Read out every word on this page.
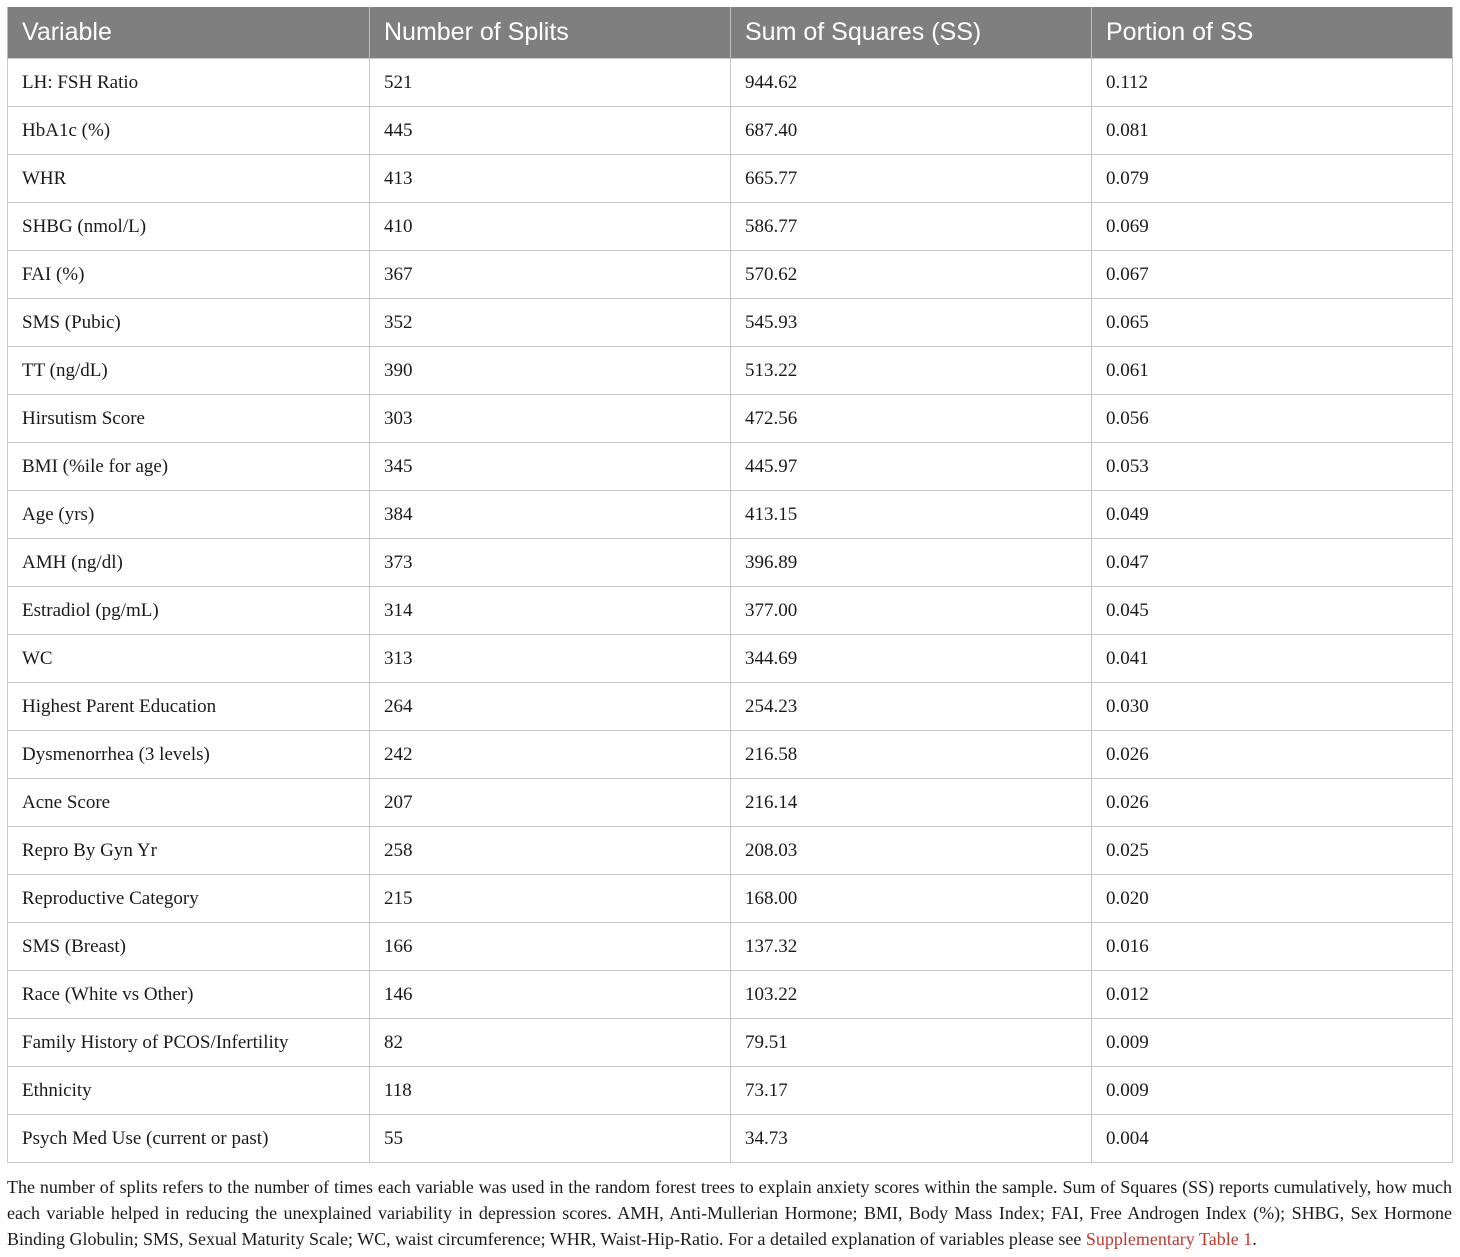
Variable	Number of Splits	Sum of Squares (SS)	Portion of SS
LH: FSH Ratio	521	944.62	0.112
HbA1c (%)	445	687.40	0.081
WHR	413	665.77	0.079
SHBG (nmol/L)	410	586.77	0.069
FAI (%)	367	570.62	0.067
SMS (Pubic)	352	545.93	0.065
TT (ng/dL)	390	513.22	0.061
Hirsutism Score	303	472.56	0.056
BMI (%ile for age)	345	445.97	0.053
Age (yrs)	384	413.15	0.049
AMH (ng/dl)	373	396.89	0.047
Estradiol (pg/mL)	314	377.00	0.045
WC	313	344.69	0.041
Highest Parent Education	264	254.23	0.030
Dysmenorrhea (3 levels)	242	216.58	0.026
Acne Score	207	216.14	0.026
Repro By Gyn Yr	258	208.03	0.025
Reproductive Category	215	168.00	0.020
SMS (Breast)	166	137.32	0.016
Race (White vs Other)	146	103.22	0.012
Family History of PCOS/Infertility	82	79.51	0.009
Ethnicity	118	73.17	0.009
Psych Med Use (current or past)	55	34.73	0.004
The number of splits refers to the number of times each variable was used in the random forest trees to explain anxiety scores within the sample. Sum of Squares (SS) reports cumulatively, how much each variable helped in reducing the unexplained variability in depression scores. AMH, Anti-Mullerian Hormone; BMI, Body Mass Index; FAI, Free Androgen Index (%); SHBG, Sex Hormone Binding Globulin; SMS, Sexual Maturity Scale; WC, waist circumference; WHR, Waist-Hip-Ratio. For a detailed explanation of variables please see Supplementary Table 1.
